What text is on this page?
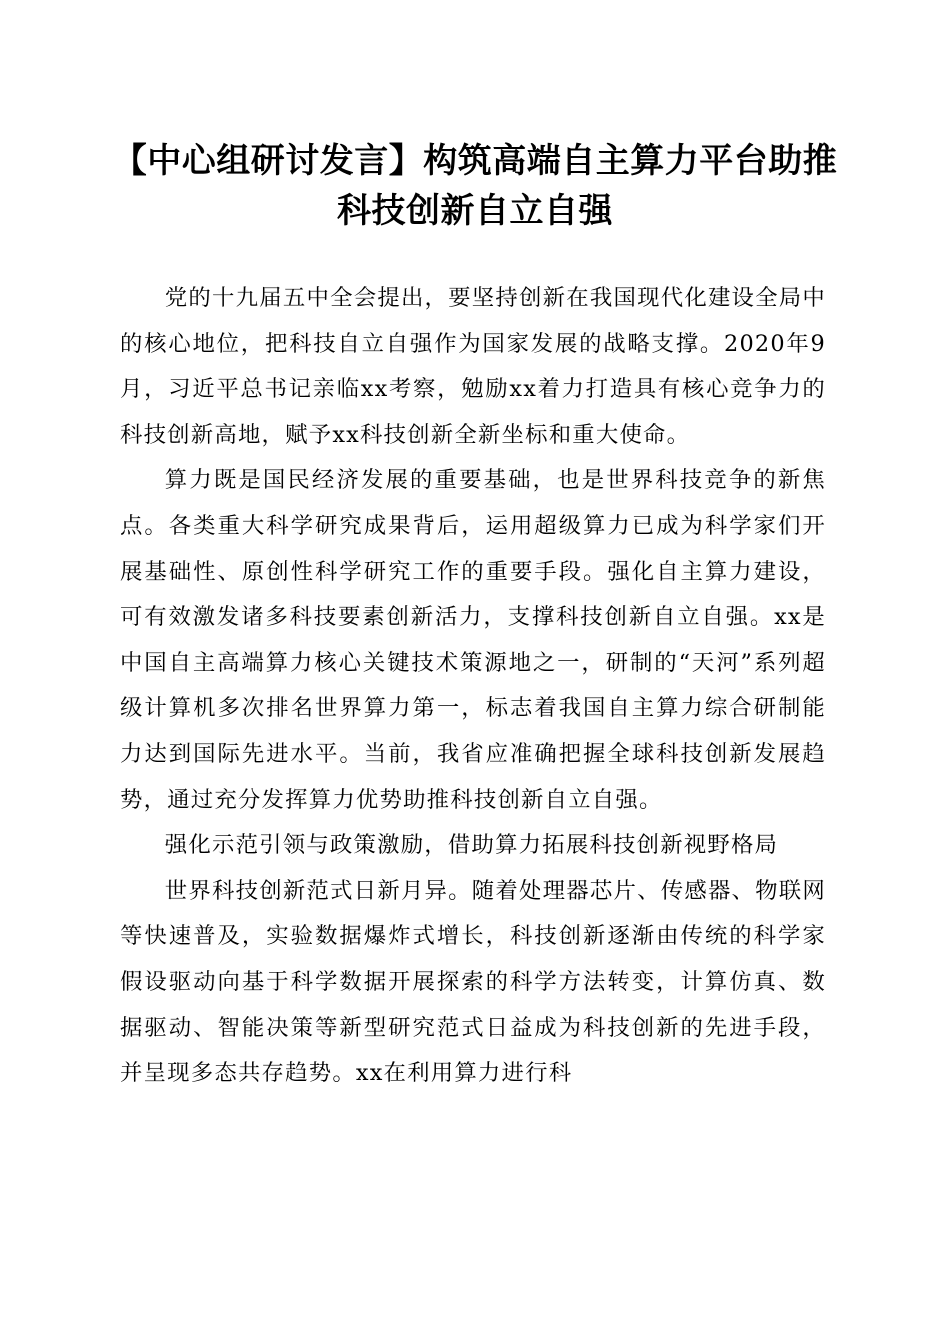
【中心组研讨发言】构筑高端自主算力平台助推科技创新自立自强

党的十九届五中全会提出，要坚持创新在我国现代化建设全局中的核心地位，把科技自立自强作为国家发展的战略支撑。2020年9月，习近平总书记亲临xx考察，勉励xx着力打造具有核心竞争力的科技创新高地，赋予xx科技创新全新坐标和重大使命。

算力既是国民经济发展的重要基础，也是世界科技竞争的新焦点。各类重大科学研究成果背后，运用超级算力已成为科学家们开展基础性、原创性科学研究工作的重要手段。强化自主算力建设，可有效激发诸多科技要素创新活力，支撑科技创新自立自强。xx是中国自主高端算力核心关键技术策源地之一，研制的“天河”系列超级计算机多次排名世界算力第一，标志着我国自主算力综合研制能力达到国际先进水平。当前，我省应准确把握全球科技创新发展趋势，通过充分发挥算力优势助推科技创新自立自强。

强化示范引领与政策激励，借助算力拓展科技创新视野格局

世界科技创新范式日新月异。随着处理器芯片、传感器、物联网等快速普及，实验数据爆炸式增长，科技创新逐渐由传统的科学家假设驱动向基于科学数据开展探索的科学方法转变，计算仿真、数据驱动、智能决策等新型研究范式日益成为科技创新的先进手段，并呈现多态共存趋势。xx在利用算力进行科
